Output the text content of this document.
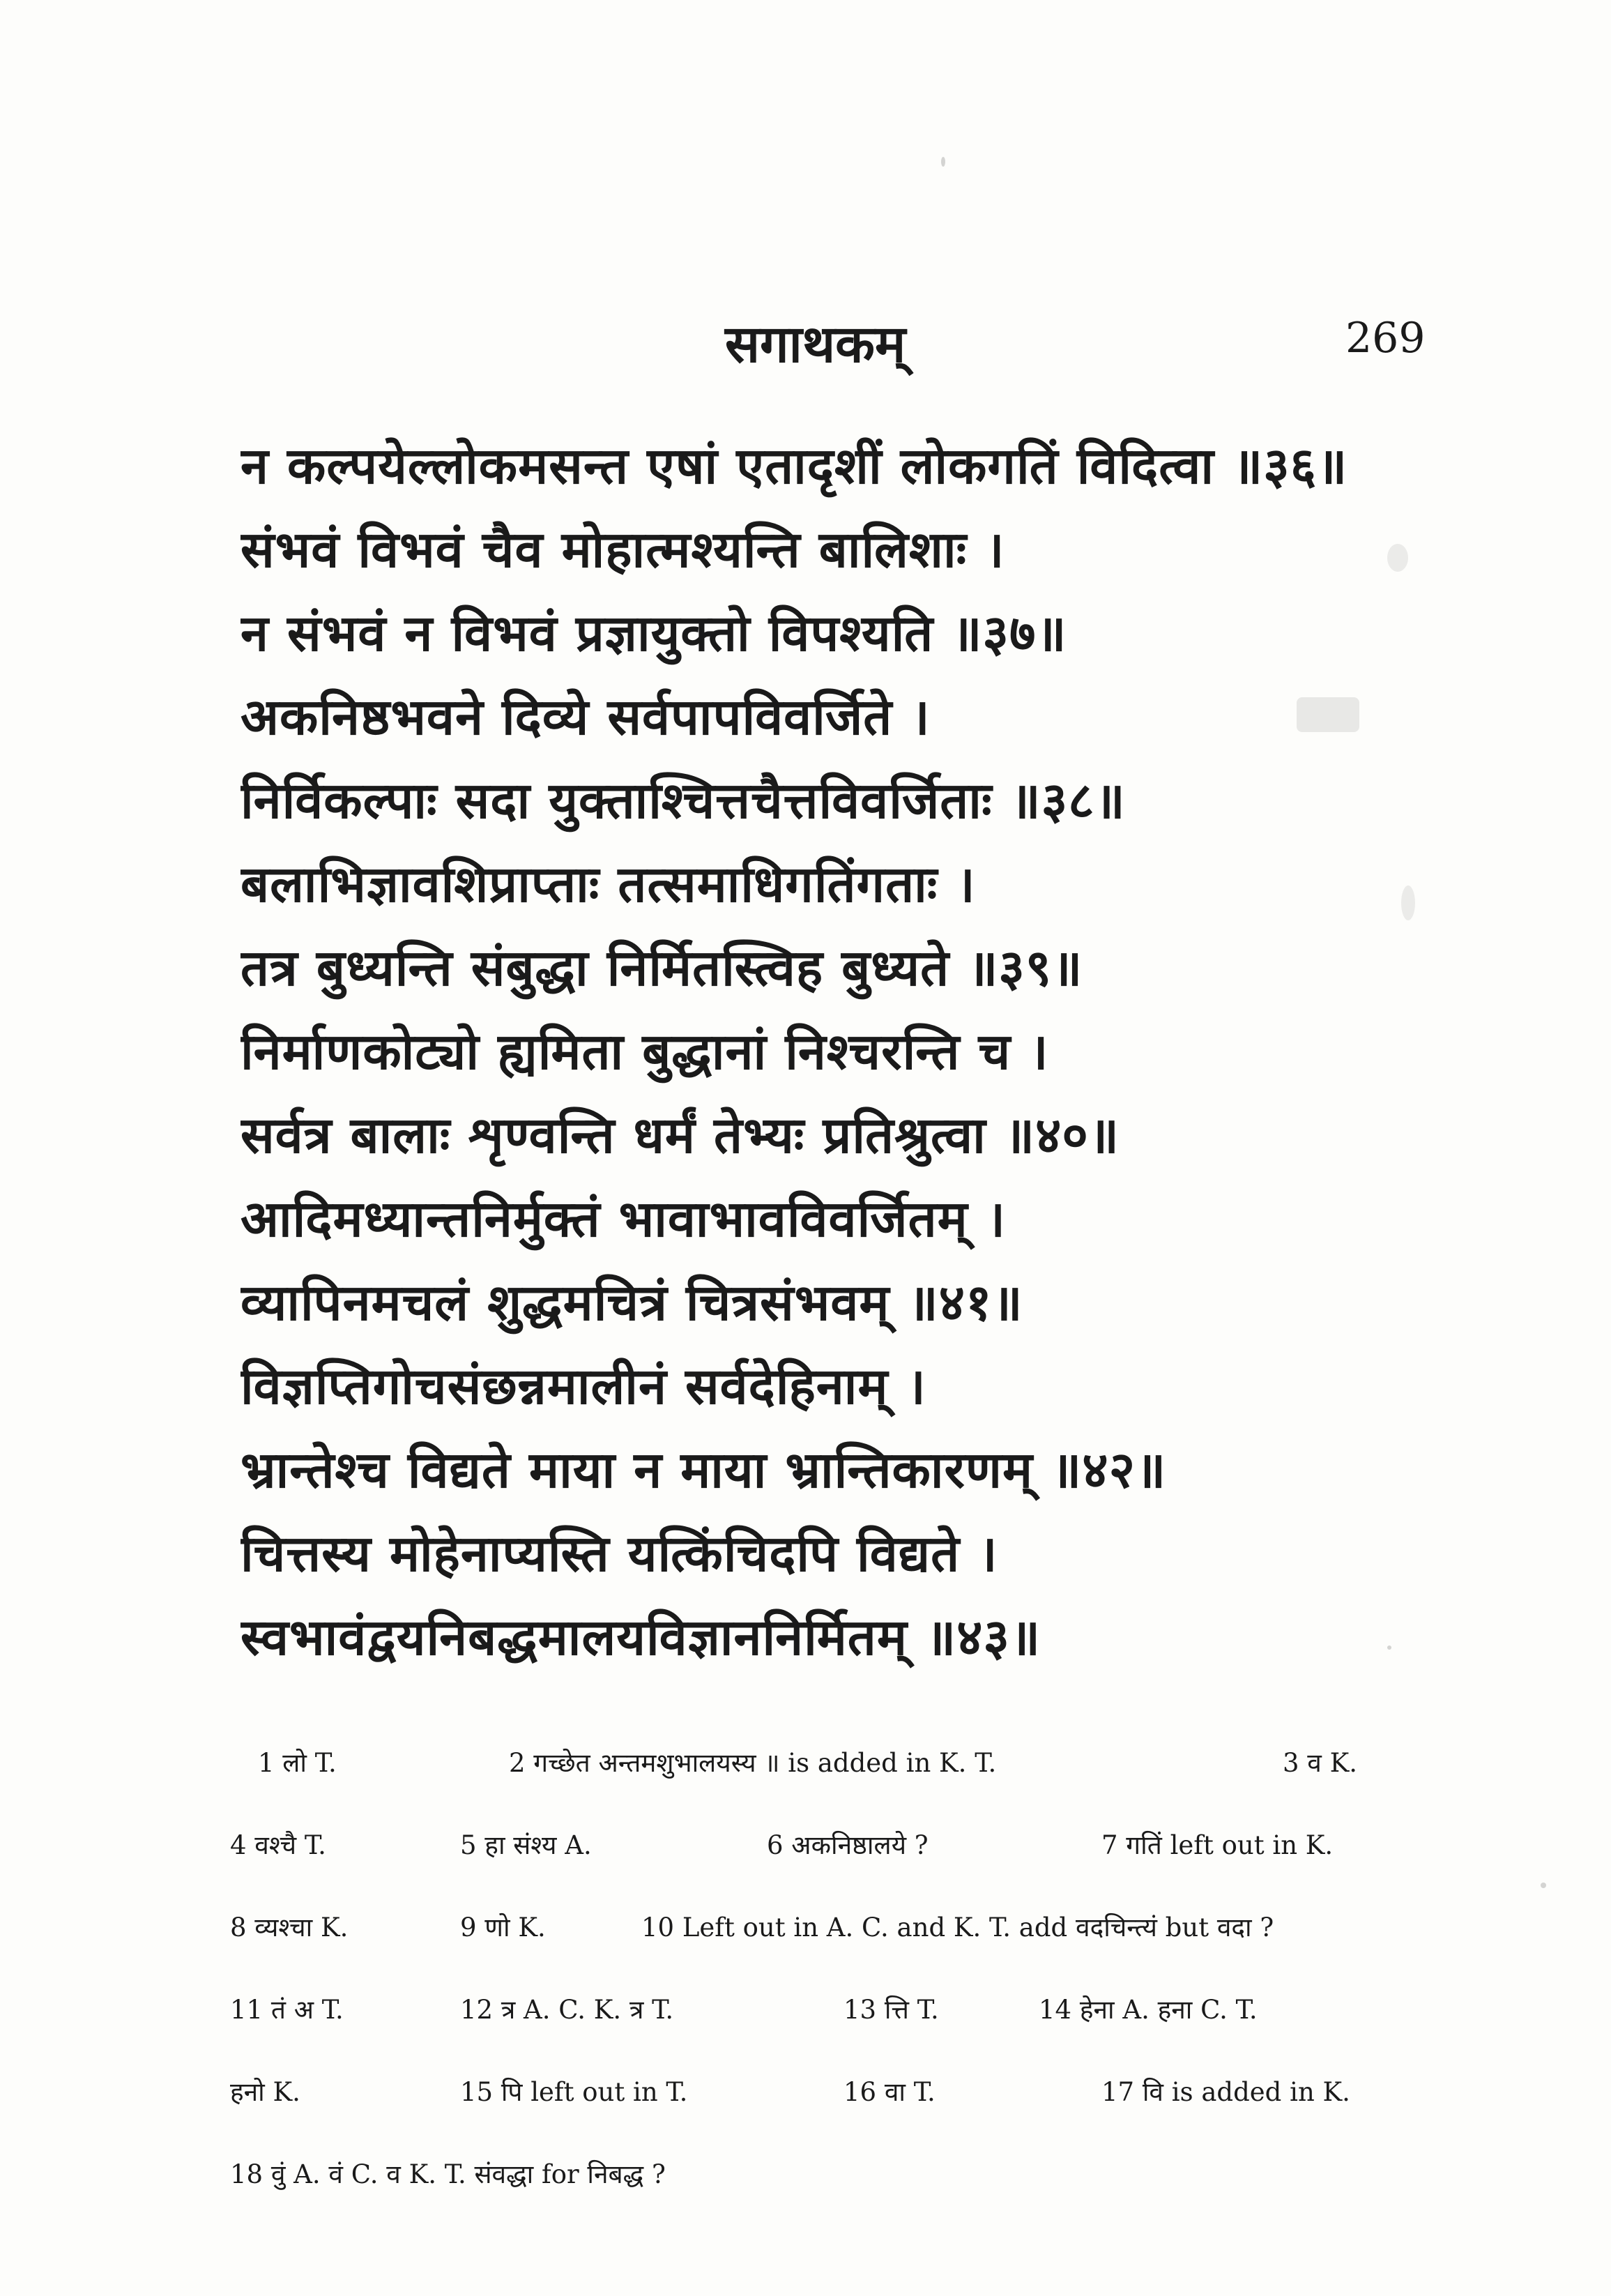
सगाथकम्	269
न कल्पयेल्लोकमसन्त एषां एतादृशीं लोकगतिं विदित्वा ॥३६॥
संभवं विभवं चैव मोहात्मश्यन्ति बालिशाः ।
न संभवं न विभवं प्रज्ञायुक्तो विपश्यति ॥३७॥
अकनिष्ठभवने दिव्ये सर्वपापविवर्जिते ।
निर्विकल्पाः सदा युक्ताश्चित्तचैत्तविवर्जिताः ॥३८॥
बलाभिज्ञावशिप्राप्ताः तत्समाधिगतिंगताः ।
तत्र बुध्यन्ति संबुद्धा निर्मितस्त्विह बुध्यते ॥३९॥
निर्माणकोट्यो ह्यमिता बुद्धानां निश्चरन्ति च ।
सर्वत्र बालाः शृण्वन्ति धर्मं तेभ्यः प्रतिश्रुत्वा ॥४०॥
आदिमध्यान्तनिर्मुक्तं भावाभावविवर्जितम् ।
व्यापिनमचलं शुद्धमचित्रं चित्रसंभवम् ॥४१॥
विज्ञप्तिगोचसंछन्नमालीनं सर्वदेहिनाम् ।
भ्रान्तेश्च विद्यते माया न माया भ्रान्तिकारणम् ॥४२॥
चित्तस्य मोहेनाप्यस्ति यत्किंचिदपि विद्यते ।
स्वभावंद्वयनिबद्धमालयविज्ञाननिर्मितम् ॥४३॥
1 लो T.	2 गच्छेत अन्तमशुभालयस्य ॥ is added in K. T.	3 व K.
4 वश्चै T.	5 हा संश्य A.	6 अकनिष्ठालये ?	7 गतिं left out in K.
8 व्यश्चा K.	9 णो K.	10 Left out in A. C. and K. T. add वदचिन्त्यं but वदा ?
11 तं अ T.	12 त्र A. C. K. त्र T.	13 त्ति T.	14 हेना A. हना C. T.
हनो K.	15 पि left out in T.	16 वा T.	17 वि is added in K.
18 वुं A. वं C. व K. T. संवद्धा for निबद्ध ?
